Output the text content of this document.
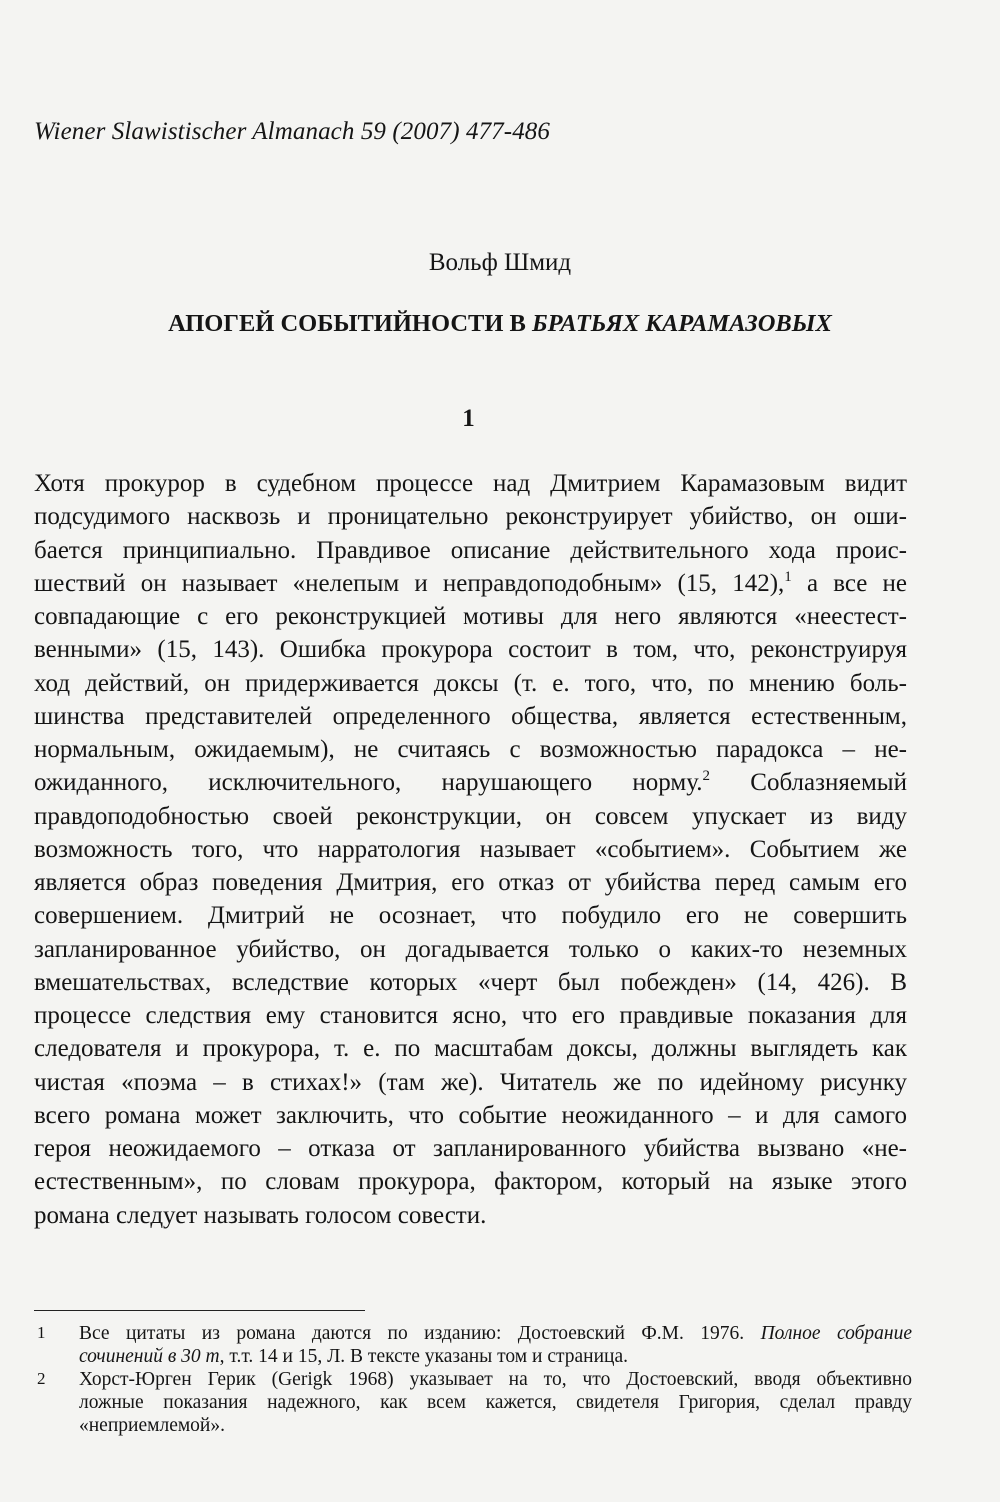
Wiener Slawistischer Almanach 59 (2007) 477-486
Вольф Шмид
АПОГЕЙ СОБЫТИЙНОСТИ В БРАТЬЯХ КАРАМАЗОВЫХ
1
Хотя прокурор в судебном процессе над Дмитрием Карамазовым видит
подсудимого насквозь и проницательно реконструирует убийство, он оши-
бается принципиально. Правдивое описание действительного хода проис-
шествий он называет «нелепым и неправдоподобным» (15, 142),$^1$ а все не
совпадающие с его реконструкцией мотивы для него являются «неестест-
венными» (15, 143). Ошибка прокурора состоит в том, что, реконструируя
ход действий, он придерживается доксы (т. е. того, что, по мнению боль-
шинства представителей определенного общества, является естественным,
нормальным, ожидаемым), не считаясь с возможностью парадокса – не-
ожиданного, исключительного, нарушающего норму.$^2$ Соблазняемый
правдоподобностью своей реконструкции, он совсем упускает из виду
возможность того, что нарратология называет «событием». Событием же
является образ поведения Дмитрия, его отказ от убийства перед самым его
совершением. Дмитрий не осознает, что побудило его не совершить
запланированное убийство, он догадывается только о каких-то неземных
вмешательствах, вследствие которых «черт был побежден» (14, 426). В
процессе следствия ему становится ясно, что его правдивые показания для
следователя и прокурора, т. е. по масштабам доксы, должны выглядеть как
чистая «поэма – в стихах!» (там же). Читатель же по идейному рисунку
всего романа может заключить, что событие неожиданного – и для самого
героя неожидаемого – отказа от запланированного убийства вызвано «не-
естественным», по словам прокурора, фактором, который на языке этого
романа следует называть голосом совести.
1 Все цитаты из романа даются по изданию: Достоевский Ф.М. 1976. Полное собрание
сочинений в 30 т, т.т. 14 и 15, Л. В тексте указаны том и страница.
2 Хорст-Юрген Герик (Gerigk 1968) указывает на то, что Достоевский, вводя объективно
ложные показания надежного, как всем кажется, свидетеля Григория, сделал правду
«неприемлемой».
